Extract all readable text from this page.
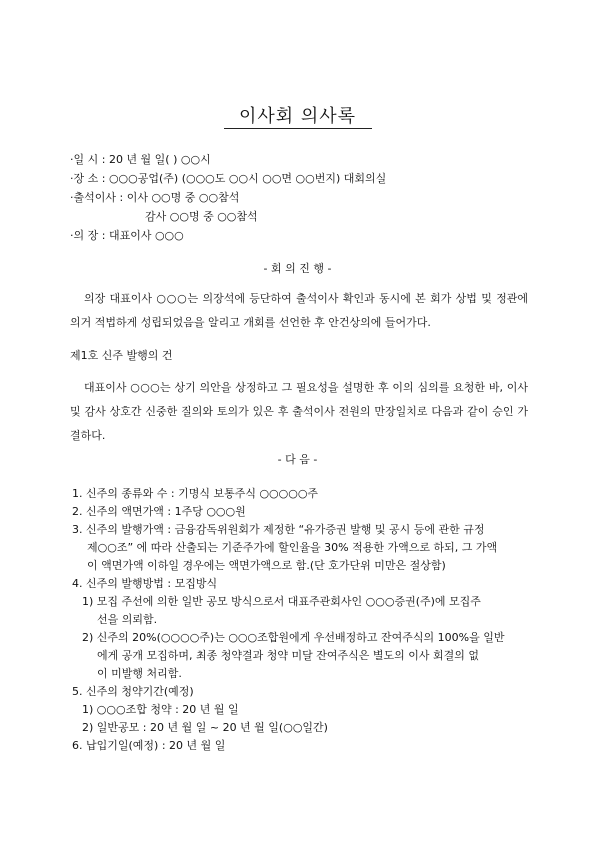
이사회 의사록
·일 시 : 20 년 월 일( ) ○○시
·장 소 : ○○○공업(주) (○○○도 ○○시 ○○면 ○○번지) 대회의실
·출석이사 : 이사 ○○명 중 ○○참석
감사 ○○명 중 ○○참석
·의 장 : 대표이사 ○○○
- 회 의 진 행 -
의장 대표이사 ○○○는 의장석에 등단하여 출석이사 확인과 동시에 본 회가 상법 및 정관에 의거 적법하게 성립되었음을 알리고 개회를 선언한 후 안건상의에 들어가다.
제1호 신주 발행의 건
대표이사 ○○○는 상기 의안을 상정하고 그 필요성을 설명한 후 이의 심의를 요청한 바, 이사 및 감사 상호간 신중한 질의와 토의가 있은 후 출석이사 전원의 만장일치로 다음과 같이 승인 가결하다.
- 다 음 -
1. 신주의 종류와 수 : 기명식 보통주식 ○○○○○주
2. 신주의 액면가액 : 1주당 ○○○원
3. 신주의 발행가액 : 금융감독위원회가 제정한 “유가증권 발행 및 공시 등에 관한 규정
제○○조” 에 따라 산출되는 기준주가에 할인율을 30% 적용한 가액으로 하되, 그 가액
이 액면가액 이하일 경우에는 액면가액으로 함.(단 호가단위 미만은 절상함)
4. 신주의 발행방법 : 모집방식
1) 모집 주선에 의한 일반 공모 방식으로서 대표주관회사인 ○○○증권(주)에 모집주
선을 의뢰함.
2) 신주의 20%(○○○○주)는 ○○○조합원에게 우선배정하고 잔여주식의 100%을 일반
에게 공개 모집하며, 최종 청약결과 청약 미달 잔여주식은 별도의 이사 회결의 없
이 미발행 처리함.
5. 신주의 청약기간(예정)
1) ○○○조합 청약 : 20 년 월 일
2) 일반공모 : 20 년 월 일 ~ 20 년 월 일(○○일간)
6. 납입기일(예정) : 20 년 월 일
